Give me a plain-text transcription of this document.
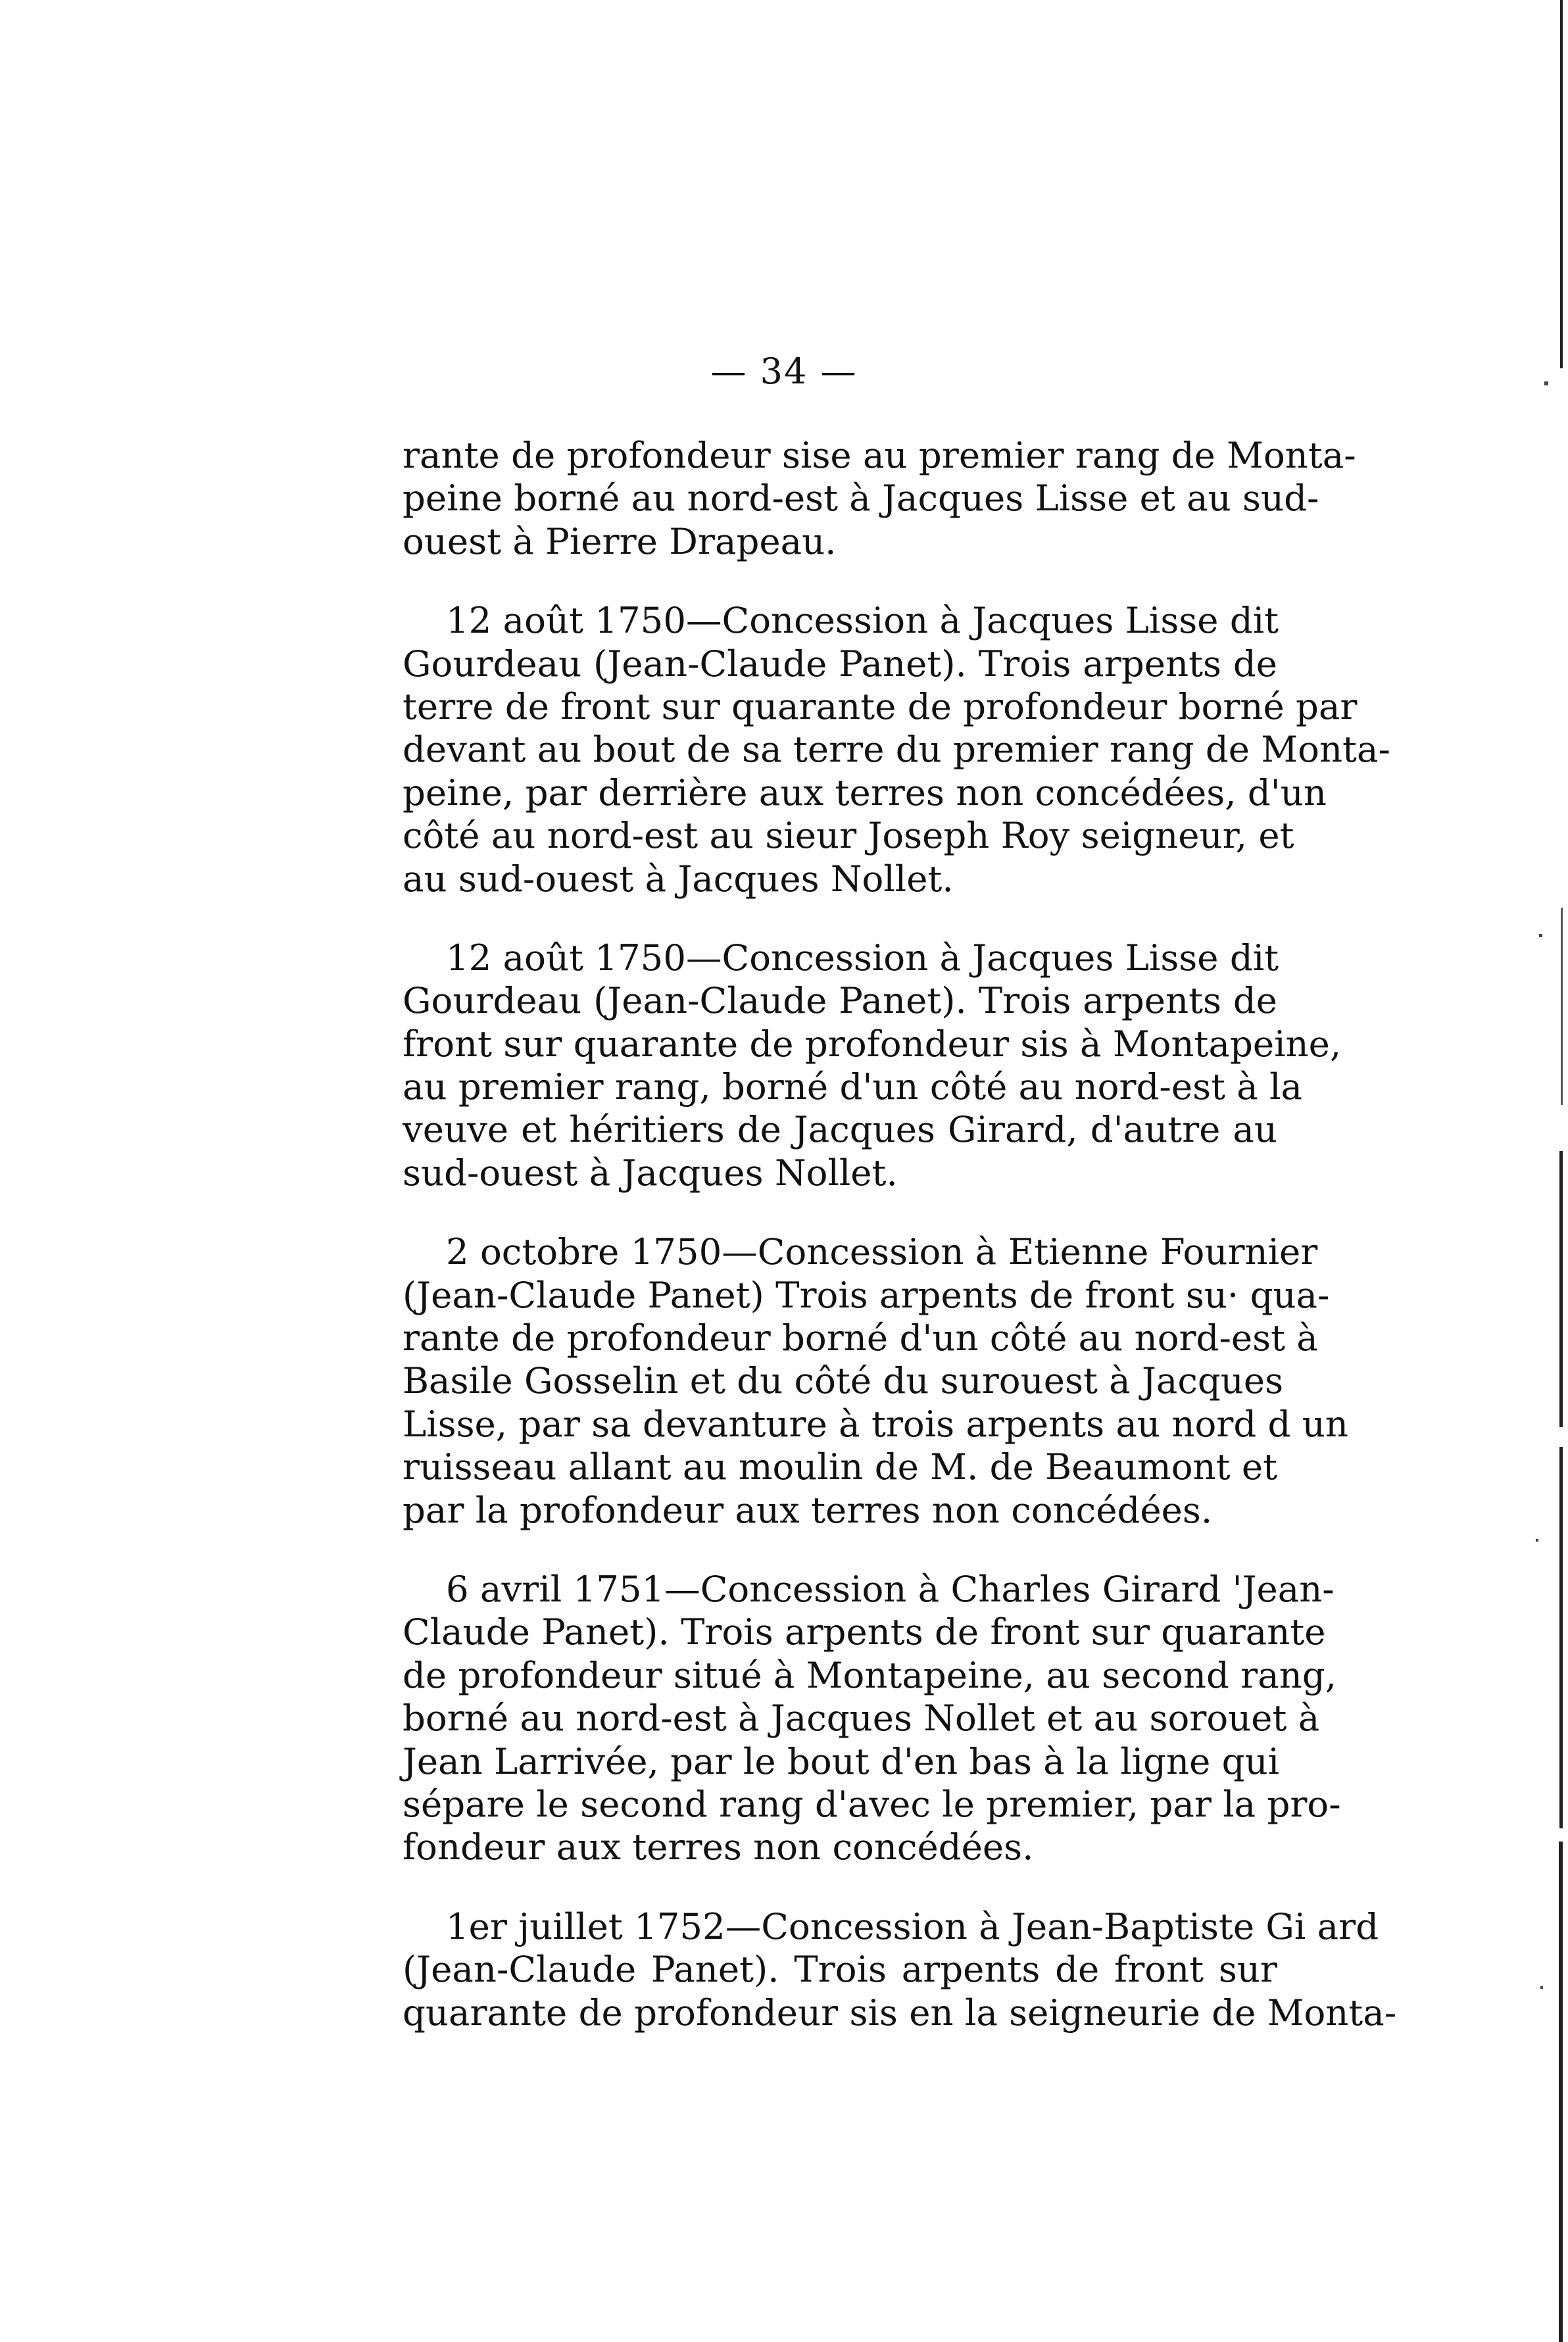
— 34 —

rante de profondeur sise au premier rang de Monta-
peine borné au nord-est à Jacques Lisse et au sud-
ouest à Pierre Drapeau.

12 août 1750—Concession à Jacques Lisse dit
Gourdeau (Jean-Claude Panet). Trois arpents de
terre de front sur quarante de profondeur borné par
devant au bout de sa terre du premier rang de Monta-
peine, par derrière aux terres non concédées, d'un
côté au nord-est au sieur Joseph Roy seigneur, et
au sud-ouest à Jacques Nollet.

12 août 1750—Concession à Jacques Lisse dit
Gourdeau (Jean-Claude Panet). Trois arpents de
front sur quarante de profondeur sis à Montapeine,
au premier rang, borné d'un côté au nord-est à la
veuve et héritiers de Jacques Girard, d'autre au
sud-ouest à Jacques Nollet.

2 octobre 1750—Concession à Etienne Fournier
(Jean-Claude Panet) Trois arpents de front su· qua-
rante de profondeur borné d'un côté au nord-est à
Basile Gosselin et du côté du surouest à Jacques
Lisse, par sa devanture à trois arpents au nord d un
ruisseau allant au moulin de M. de Beaumont et
par la profondeur aux terres non concédées.

6 avril 1751—Concession à Charles Girard 'Jean-
Claude Panet). Trois arpents de front sur quarante
de profondeur situé à Montapeine, au second rang,
borné au nord-est à Jacques Nollet et au sorouet à
Jean Larrivée, par le bout d'en bas à la ligne qui
sépare le second rang d'avec le premier, par la pro-
fondeur aux terres non concédées.

1er juillet 1752—Concession à Jean-Baptiste Gi ard
(Jean-Claude Panet). Trois arpents de front sur
quarante de profondeur sis en la seigneurie de Monta-
